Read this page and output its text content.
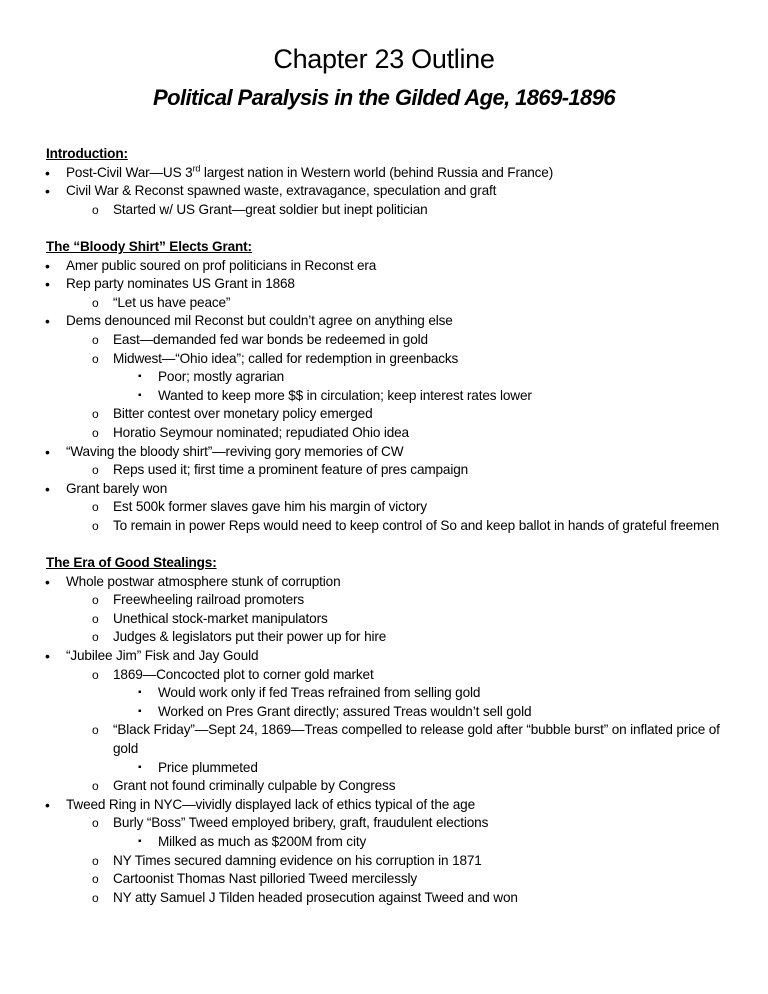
Chapter 23 Outline
Political Paralysis in the Gilded Age, 1869-1896
Introduction:
• Post-Civil War—US 3rd largest nation in Western world (behind Russia and France)
• Civil War & Reconst spawned waste, extravagance, speculation and graft
o Started w/ US Grant—great soldier but inept politician
The “Bloody Shirt” Elects Grant:
• Amer public soured on prof politicians in Reconst era
• Rep party nominates US Grant in 1868
o “Let us have peace”
• Dems denounced mil Reconst but couldn’t agree on anything else
o East—demanded fed war bonds be redeemed in gold
o Midwest—“Ohio idea”; called for redemption in greenbacks
▪ Poor; mostly agrarian
▪ Wanted to keep more $$ in circulation; keep interest rates lower
o Bitter contest over monetary policy emerged
o Horatio Seymour nominated; repudiated Ohio idea
• “Waving the bloody shirt”—reviving gory memories of CW
o Reps used it; first time a prominent feature of pres campaign
• Grant barely won
o Est 500k former slaves gave him his margin of victory
o To remain in power Reps would need to keep control of So and keep ballot in hands of grateful freemen
The Era of Good Stealings:
• Whole postwar atmosphere stunk of corruption
o Freewheeling railroad promoters
o Unethical stock-market manipulators
o Judges & legislators put their power up for hire
• “Jubilee Jim” Fisk and Jay Gould
o 1869—Concocted plot to corner gold market
▪ Would work only if fed Treas refrained from selling gold
▪ Worked on Pres Grant directly; assured Treas wouldn’t sell gold
o “Black Friday”—Sept 24, 1869—Treas compelled to release gold after “bubble burst” on inflated price of gold
▪ Price plummeted
o Grant not found criminally culpable by Congress
• Tweed Ring in NYC—vividly displayed lack of ethics typical of the age
o Burly “Boss” Tweed employed bribery, graft, fraudulent elections
▪ Milked as much as $200M from city
o NY Times secured damning evidence on his corruption in 1871
o Cartoonist Thomas Nast pilloried Tweed mercilessly
o NY atty Samuel J Tilden headed prosecution against Tweed and won
